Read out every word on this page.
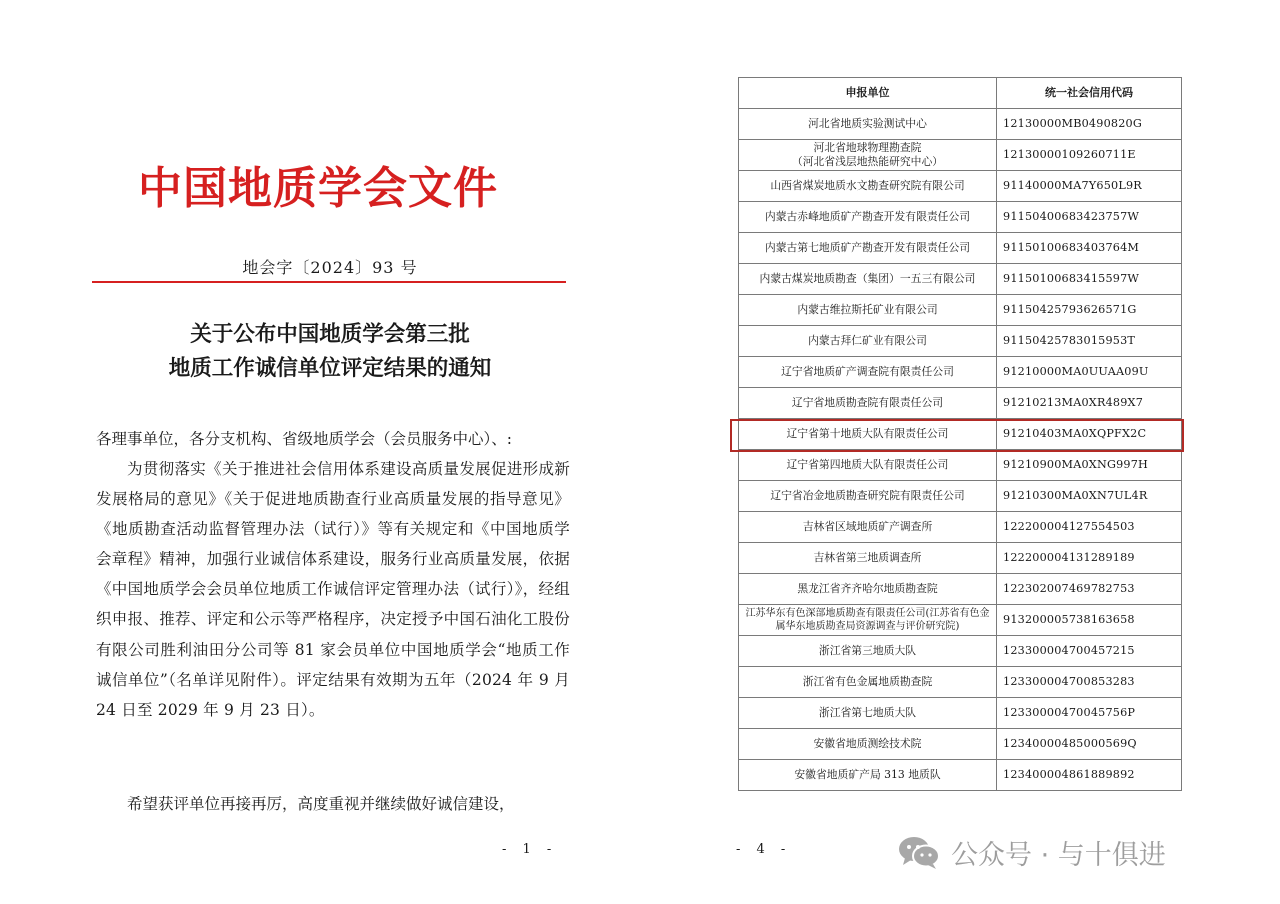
中国地质学会文件
地会字〔2024〕93 号
关于公布中国地质学会第三批
地质工作诚信单位评定结果的通知
各理事单位，各分支机构、省级地质学会（会员服务中心）、:
为贯彻落实《关于推进社会信用体系建设高质量发展促进形成新发展格局的意见》《关于促进地质勘查行业高质量发展的指导意见》《地质勘查活动监督管理办法（试行）》等有关规定和《中国地质学会章程》精神，加强行业诚信体系建设，服务行业高质量发展，依据《中国地质学会会员单位地质工作诚信评定管理办法（试行）》，经组织申报、推荐、评定和公示等严格程序，决定授予中国石油化工股份有限公司胜利油田分公司等 81 家会员单位中国地质学会“地质工作诚信单位”（名单详见附件）。评定结果有效期为五年（2024 年 9 月 24 日至 2029 年 9 月 23 日）。
希望获评单位再接再厉，高度重视并继续做好诚信建设，
- 1 -
申报单位	统一社会信用代码
河北省地质实验测试中心	12130000MB0490820G
河北省地球物理勘查院
（河北省浅层地热能研究中心）	12130000109260711E
山西省煤炭地质水文勘查研究院有限公司	91140000MA7Y650L9R
内蒙古赤峰地质矿产勘查开发有限责任公司	91150400683423757W
内蒙古第七地质矿产勘查开发有限责任公司	91150100683403764M
内蒙古煤炭地质勘查（集团）一五三有限公司	91150100683415597W
内蒙古维拉斯托矿业有限公司	91150425793626571G
内蒙古拜仁矿业有限公司	91150425783015953T
辽宁省地质矿产调查院有限责任公司	91210000MA0UUAA09U
辽宁省地质勘查院有限责任公司	91210213MA0XR489X7
辽宁省第十地质大队有限责任公司	91210403MA0XQPFX2C
辽宁省第四地质大队有限责任公司	91210900MA0XNG997H
辽宁省冶金地质勘查研究院有限责任公司	91210300MA0XN7UL4R
吉林省区域地质矿产调查所	122200004127554503
吉林省第三地质调查所	122200004131289189
黑龙江省齐齐哈尔地质勘查院	122302007469782753
江苏华东有色深部地质勘查有限责任公司(江苏省有色金属华东地质勘查局资源调查与评价研究院)	913200005738163658
浙江省第三地质大队	123300004700457215
浙江省有色金属地质勘查院	123300004700853283
浙江省第七地质大队	12330000470045756P
安徽省地质测绘技术院	12340000485000569Q
安徽省地质矿产局 313 地质队	123400004861889892
- 4 -	公众号 · 与十俱进
